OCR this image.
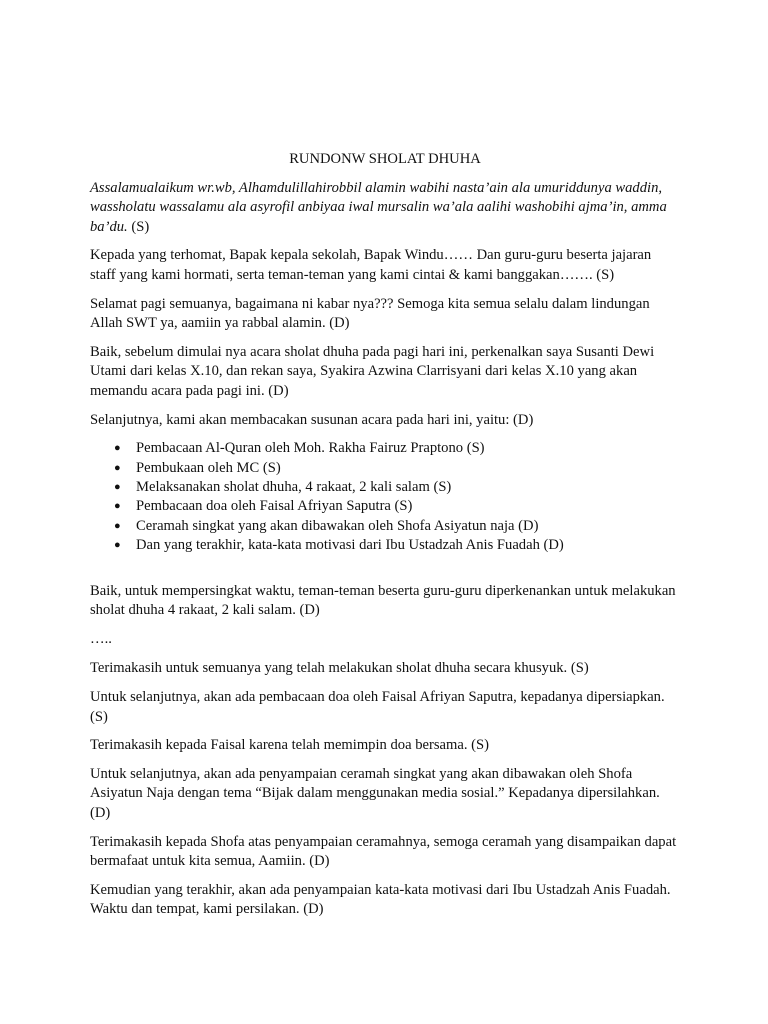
RUNDONW SHOLAT DHUHA

Assalamualaikum wr.wb, Alhamdulillahirobbil alamin wabihi nasta’ain ala umuriddunya waddin, wassholatu wassalamu ala asyrofil anbiyaa iwal mursalin wa’ala aalihi washobihi ajma’in, amma ba’du. (S)

Kepada yang terhomat, Bapak kepala sekolah, Bapak Windu…… Dan guru-guru beserta jajaran staff yang kami hormati, serta teman-teman yang kami cintai & kami banggakan……. (S)

Selamat pagi semuanya, bagaimana ni kabar nya??? Semoga kita semua selalu dalam lindungan Allah SWT ya, aamiin ya rabbal alamin. (D)

Baik, sebelum dimulai nya acara sholat dhuha pada pagi hari ini, perkenalkan saya Susanti Dewi Utami dari kelas X.10, dan rekan saya, Syakira Azwina Clarrisyani dari kelas X.10 yang akan memandu acara pada pagi ini. (D)

Selanjutnya, kami akan membacakan susunan acara pada hari ini, yaitu: (D)

● Pembacaan Al-Quran oleh Moh. Rakha Fairuz Praptono (S)
● Pembukaan oleh MC (S)
● Melaksanakan sholat dhuha, 4 rakaat, 2 kali salam (S)
● Pembacaan doa oleh Faisal Afriyan Saputra (S)
● Ceramah singkat yang akan dibawakan oleh Shofa Asiyatun naja (D)
● Dan yang terakhir, kata-kata motivasi dari Ibu Ustadzah Anis Fuadah (D)

Baik, untuk mempersingkat waktu, teman-teman beserta guru-guru diperkenankan untuk melakukan sholat dhuha 4 rakaat, 2 kali salam. (D)

…..

Terimakasih untuk semuanya yang telah melakukan sholat dhuha secara khusyuk. (S)

Untuk selanjutnya, akan ada pembacaan doa oleh Faisal Afriyan Saputra, kepadanya dipersiapkan. (S)

Terimakasih kepada Faisal karena telah memimpin doa bersama. (S)

Untuk selanjutnya, akan ada penyampaian ceramah singkat yang akan dibawakan oleh Shofa Asiyatun Naja dengan tema “Bijak dalam menggunakan media sosial.” Kepadanya dipersilahkan. (D)

Terimakasih kepada Shofa atas penyampaian ceramahnya, semoga ceramah yang disampaikan dapat bermafaat untuk kita semua, Aamiin. (D)

Kemudian yang terakhir, akan ada penyampaian kata-kata motivasi dari Ibu Ustadzah Anis Fuadah. Waktu dan tempat, kami persilakan. (D)
